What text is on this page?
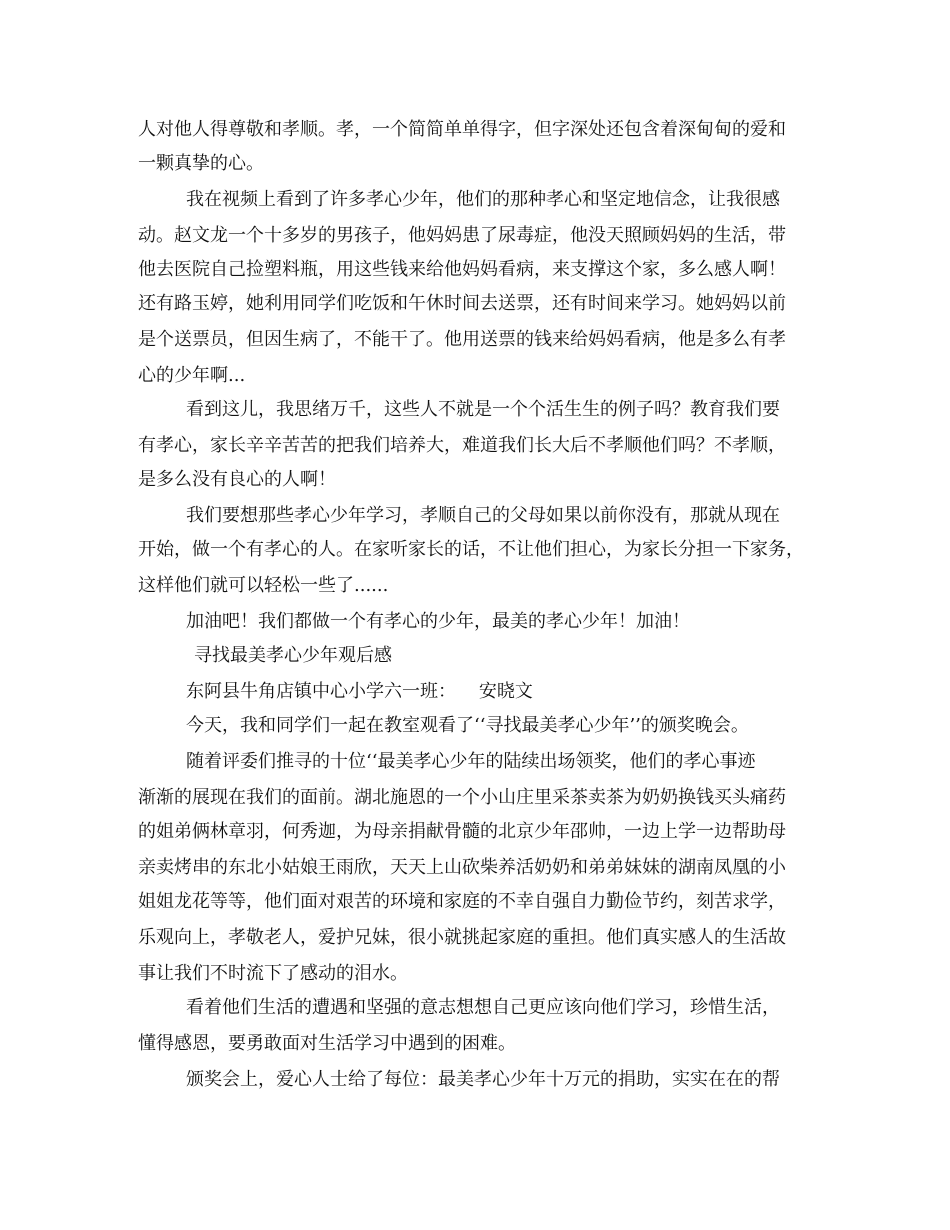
人对他人得尊敬和孝顺。孝，一个简简单单得字，但字深处还包含着深甸甸的爱和
一颗真挚的心。
我在视频上看到了许多孝心少年，他们的那种孝心和坚定地信念，让我很感
动。赵文龙一个十多岁的男孩子，他妈妈患了尿毒症，他没天照顾妈妈的生活，带
他去医院自己捡塑料瓶，用这些钱来给他妈妈看病，来支撑这个家，多么感人啊！
还有路玉婷，她利用同学们吃饭和午休时间去送票，还有时间来学习。她妈妈以前
是个送票员，但因生病了，不能干了。他用送票的钱来给妈妈看病，他是多么有孝
心的少年啊...
看到这儿，我思绪万千，这些人不就是一个个活生生的例子吗？教育我们要
有孝心，家长辛辛苦苦的把我们培养大，难道我们长大后不孝顺他们吗？不孝顺，
是多么没有良心的人啊！
我们要想那些孝心少年学习，孝顺自己的父母如果以前你没有，那就从现在
开始，做一个有孝心的人。在家听家长的话，不让他们担心，为家长分担一下家务，
这样他们就可以轻松一些了......
加油吧！我们都做一个有孝心的少年，最美的孝心少年！加油！
寻找最美孝心少年观后感
东阿县牛角店镇中心小学六一班：    安晓文
今天，我和同学们一起在教室观看了‘‘寻找最美孝心少年’’的颁奖晚会。
随着评委们推寻的十位‘‘最美孝心少年的陆续出场领奖，他们的孝心事迹
渐渐的展现在我们的面前。湖北施恩的一个小山庄里采茶卖茶为奶奶换钱买头痛药
的姐弟俩林章羽，何秀迦，为母亲捐献骨髓的北京少年邵帅，一边上学一边帮助母
亲卖烤串的东北小姑娘王雨欣，天天上山砍柴养活奶奶和弟弟妹妹的湖南凤凰的小
姐姐龙花等等，他们面对艰苦的环境和家庭的不幸自强自力勤俭节约，刻苦求学，
乐观向上，孝敬老人，爱护兄妹，很小就挑起家庭的重担。他们真实感人的生活故
事让我们不时流下了感动的泪水。
看着他们生活的遭遇和坚强的意志想想自己更应该向他们学习，珍惜生活，
懂得感恩，要勇敢面对生活学习中遇到的困难。
颁奖会上，爱心人士给了每位：最美孝心少年十万元的捐助，实实在在的帮
